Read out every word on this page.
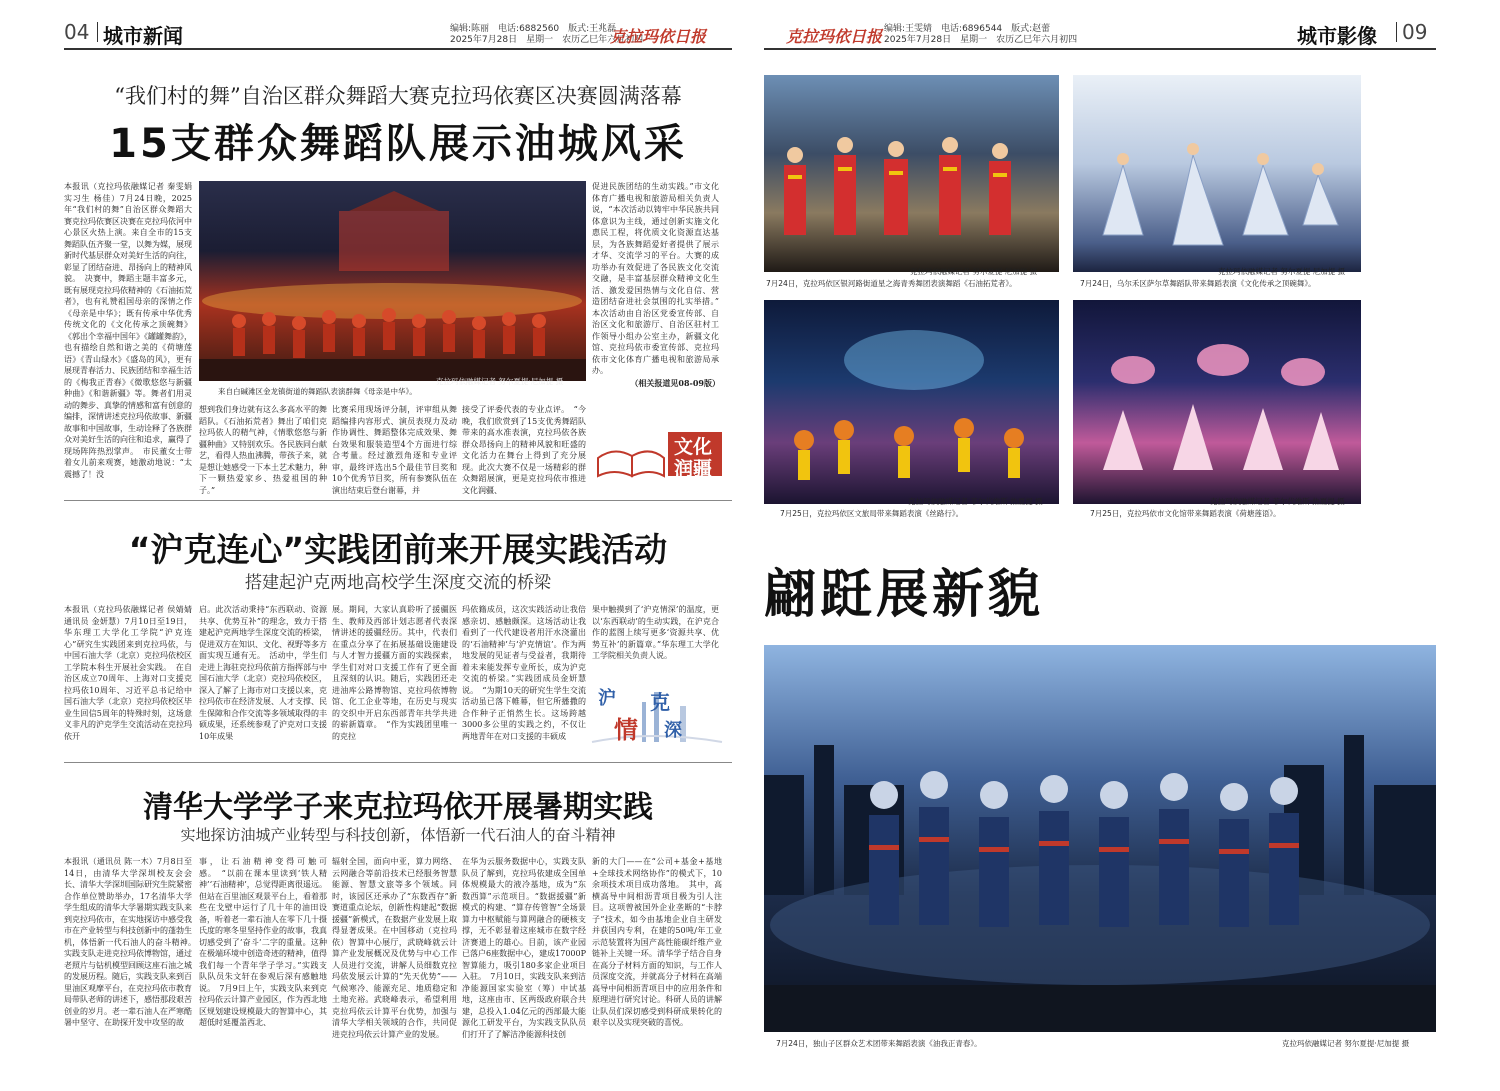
04 城市新闻	编辑:陈丽　电话:6882560　版式:王兆磊
2025年7月28日　星期一　农历乙巳年六月初四
克拉玛依日报	克拉玛依日报 编辑:王雯婧　电话:6896544　版式:赵蕾
2025年7月28日　星期一　农历乙巳年六月初四	城市影像 09
“我们村的舞”自治区群众舞蹈大赛克拉玛依赛区决赛圆满落幕
15支群众舞蹈队展示油城风采
本报讯（克拉玛依融媒记者 秦雯娟 实习生 杨佳）7月24日晚，2025年“我们村的舞”自治区群众舞蹈大赛克拉玛依赛区决赛在克拉玛依河中心景区火热上演。来自全市的15支舞蹈队伍齐聚一堂，以舞为媒，展现新时代基层群众对美好生活的向往，彰显了团结奋进、昂扬向上的精神风貌。　决赛中，舞蹈主题丰富多元，既有展现克拉玛依精神的《石油拓荒者》，也有礼赞祖国母亲的深情之作《母亲是中华》；既有传承中华优秀传统文化的《文化传承之顶碗舞》《郭出个幸福中国年》《罐罐舞韵》，也有描绘自然和谐之美的《荷塘莲语》《青山绿水》《盛岛的风》，更有展现青春活力、民族团结和幸福生活的《梅我正青春》《微歌悠悠与新疆种曲》《和谐新疆》等。舞者们用灵动的舞步、真挚的情感和富有创意的编排，深情讲述克拉玛依故事、新疆故事和中国故事，生动诠释了各族群众对美好生活的向往和追求，赢得了现场阵阵热烈掌声。　市民董女士带着女儿前来观赛，她激动地说：“太震撼了！没
克拉玛依融媒记者 努尔夏提·尼加提 摄
来自白碱滩区金龙镇街道的舞蹈队表演群舞《母亲是中华》。
想到我们身边就有这么多高水平的舞蹈队。《石油拓荒者》舞出了咱们克拉玛依人的精气神，《情歌悠悠与新疆种曲》又特别欢乐。各民族同台献艺，看得人热血沸腾，带孩子来，就是想让她感受一下本土艺术魅力，种下一颗热爱家乡、热爱祖国的种子。”
比赛采用现场评分制，评审组从舞蹈编排内容形式、演员表现力及动作协调性、舞蹈整体完成效果、舞台效果和服装造型4个方面进行综合考量。经过激烈角逐和专业评审，最终评选出5个最佳节目奖和10个优秀节目奖，所有参赛队伍在演出结束后登台谢幕，并
接受了评委代表的专业点评。　“今晚，我们欣赏到了15支优秀舞蹈队带来的高水准表演，克拉玛依各族群众昂扬向上的精神风貌和旺盛的文化活力在舞台上得到了充分展现。此次大赛不仅是一场精彩的群众舞蹈展演，更是克拉玛依市推进文化润疆、
促进民族团结的生动实践。”市文化体育广播电视和旅游局相关负责人说，“本次活动以铸牢中华民族共同体意识为主线，通过创新实施文化惠民工程，将优质文化资源直达基层，为各族舞蹈爱好者提供了展示才华、交流学习的平台。大赛的成功举办有效促进了各民族文化交流交融，是丰富基层群众精神文化生活、激发爱国热情与文化自信、营造团结奋进社会氛围的扎实举措。”　本次活动由自治区党委宣传部、自治区文化和旅游厅、自治区驻村工作领导小组办公室主办，新疆文化馆、克拉玛依市委宣传部、克拉玛依市文化体育广播电视和旅游局承办。
（相关报道见08-09版）
文化
润疆
“沪克连心”实践团前来开展实践活动
搭建起沪克两地高校学生深度交流的桥梁
本报讯（克拉玛依融媒记者 侯婧婧 通讯员 金妍慧）7月10日至19日，华东理工大学化工学院“沪克连心”研究生实践团来到克拉玛依，与中国石油大学（北京）克拉玛依校区工学院本科生开展社会实践。　在自治区成立70周年、上海对口支援克拉玛依10周年、习近平总书记给中国石油大学（北京）克拉玛依校区毕业生回信5周年的特殊时刻，这场意义非凡的沪克学生交流活动在克拉玛依开
启。此次活动秉持“东西联动、资源共享、优势互补”的理念，致力于搭建起沪克两地学生深度交流的桥梁，促进双方在知识、文化、视野等多方面实现互通有无。　活动中，学生们走进上海驻克拉玛依前方指挥部与中国石油大学（北京）克拉玛依校区，深入了解了上海市对口支援以来，克拉玛依市在经济发展、人才支撑、民生保障和合作交流等多领域取得的丰硕成果，还系统参观了沪克对口支援10年成果
展。期间，大家认真聆听了援疆医生、教师及西部计划志愿者代表深情讲述的援疆经历。其中，代表们在重点分享了在拓展基础设施建设与人才智力援疆方面的实践探索，学生们对对口支援工作有了更全面且深刻的认识。随后，实践团还走进油库公路博物馆、克拉玛依博物馆、化工企业等地，在历史与现实的交织中开启东西部青年共学共进的崭新篇章。　“作为实践团里唯一的克拉
玛依籍成员，这次实践活动让我倍感亲切、感触颇深。这场活动让我看到了一代代建设者用汗水浇灌出的‘石油精神’与‘沪克情谊’。作为两地发展的见证者与受益者，我期待着未来能发挥专业所长，成为沪克交流的桥梁。”实践团成员金妍慧说。　“为期10天的研究生学生交流活动虽已落下帷幕，但它所播撒的合作种子正悄然生长。这场跨越3000多公里的实践之约，不仅让两地青年在对口支援的丰硕成
果中触摸到了‘沪克情深’的温度，更以‘东西联动’的生动实践，在沪克合作的蓝图上续写更多‘资源共享、优势互补’的新篇章。”华东理工大学化工学院相关负责人说。
沪 克
情 深
清华大学学子来克拉玛依开展暑期实践
实地探访油城产业转型与科技创新，体悟新一代石油人的奋斗精神
本报讯（通讯员 陈一木）7月8日至14日，由清华大学深圳校友会会长、清华大学深圳国际研究生院紧密合作单位赞助举办，17名清华大学学生组成的清华大学暑期实践支队来到克拉玛依市，在实地探访中感受我市在产业转型与科技创新中的蓬勃生机，体悟新一代石油人的奋斗精神。　实践支队走进克拉玛依博物馆，通过老照片与钻机模型回顾这座石油之城的发展历程。随后，实践支队来到百里油区观摩平台，在克拉玛依市教育局带队老师的讲述下，感悟那段艰苦创业的岁月。老一辈石油人在严寒酷暑中坚守、在助探开发中攻坚的故
事，让石油精神变得可触可感。　“以前在课本里读到‘铁人精神’‘石油精神’，总觉得距离很遥远。但站在百里油区观景平台上，看着那些在戈壁中运行了几十年的油田设备，听着老一辈石油人在零下几十摄氏度的寒冬里坚持作业的故事，我真切感受到了‘奋斗’二字的重量。这种在极端环境中创造奇迹的精神，值得我们每一个青年学子学习。”实践支队队员朱文轩在参观后深有感触地说。　7月9日上午，实践支队来到克拉玛依云计算产业园区，作为西北地区规划建设规模最大的智算中心，其超低时延覆盖西北、
辐射全国，面向中亚，算力网络、云网融合等前沿技术已经服务智慧能源、智慧文旅等多个领域。同时，该园区还承办了“东数西存”新赛道重点论坛，创新性构建起“数据援疆”新模式，在数据产业发展上取得显著成果。在中国移动（克拉玛依）智算中心展厅，武晓峰就云计算产业发展概况及优势与中心工作人员进行交流，讲解人员细数克拉玛依发展云计算的“先天优势”——气候寒冷、能源充足、地质稳定和土地充裕。武晓峰表示，希望利用克拉玛依云计算平台优势，加强与清华大学相关领域的合作，共同促进克拉玛依云计算产业的发展。
在华为云服务数据中心，实践支队队员了解到，克拉玛依建成全国单体规模最大的液冷基地，成为“东数西算”示范项目。“数据援疆”新模式的构建、“算存传管智”全场景算力中枢赋能与算网融合的硬核支撑，无不彰显着这座城市在数字经济赛道上的雄心。目前，该产业园已落户6座数据中心，建成17000P智算能力，吸引180多家企业项目入驻。　7月10日，实践支队来到洁净能源国家实验室（筹）中试基地，这座由市、区两级政府联合共建，总投入1.04亿元的西部最大能源化工研发平台，为实践支队队员们打开了了解洁净能源科技创
新的大门——在“公司+基金+基地+全球技术网络协作”的模式下，10余项技术项目成功落地。　其中，高横高导中间相沥青项目极为引人注目。这项曾被国外企业垄断的“卡脖子”技术，如今由基地企业自主研发并获国内专利，在建的50吨/年工业示范装置将为国产高性能碳纤维产业链补上关键一环。清华学子结合自身在高分子材料方面的知识，与工作人员深度交流，并就高分子材料在高端高导中间相沥青项目中的应用条件和原理进行研究讨论。科研人员的讲解让队员们深切感受到科研成果转化的艰辛以及实现突破的喜悦。
克拉玛依融媒记者 努尔夏提·尼加提 摄
7月24日，克拉玛依区银河路街道星之海青秀舞团表演舞蹈《石油拓荒者》。
克拉玛依融媒记者 努尔夏提·尼加提 摄
7月24日，乌尔禾区萨尔草舞蹈队带来舞蹈表演《文化传承之顶碗舞》。
克拉玛依融媒记者 菲尔代维斯·热夏提 摄
7月25日，克拉玛依区文旅局带来舞蹈表演《丝路行》。
克拉玛依融媒记者 菲尔代维斯·热夏提 摄
7月25日，克拉玛依市文化馆带来舞蹈表演《荷塘莲语》。
翩跹展新貌
7月24日，独山子区群众艺术团带来舞蹈表演《油我正青春》。	克拉玛依融媒记者 努尔夏提·尼加提 摄
